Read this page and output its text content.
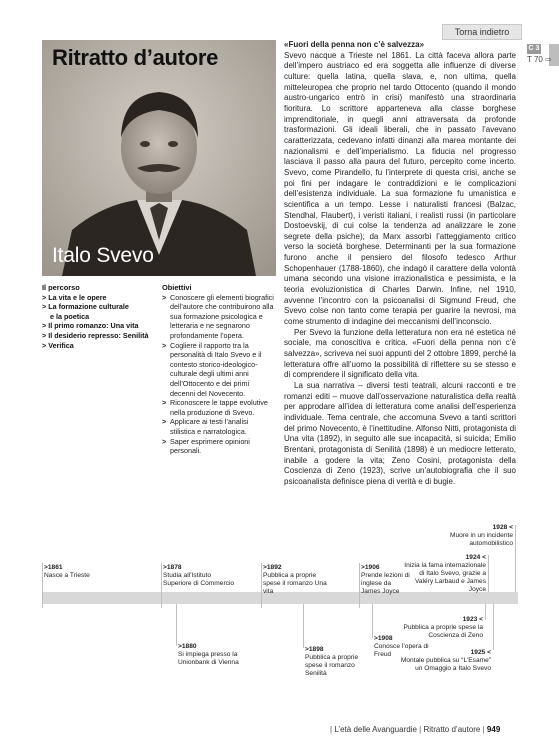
Torna indietro
C 3
T 70 ⇨
Ritratto d’autore
Italo Svevo
Il percorso
> La vita e le opere
> La formazione culturale
e la poetica
> Il primo romanzo: Una vita
> Il desiderio represso: Senilità
> Verifica
Obiettivi
> Conoscere gli elementi biografici dell’autore che contribuirono alla sua formazione psicologica e letteraria e ne segnarono profondamente l’opera.
> Cogliere il rapporto tra la personalità di Italo Svevo e il contesto storico-ideologico-culturale degli ultimi anni dell’Ottocento e dei primi decenni del Novecento.
> Riconoscere le tappe evolutive nella produzione di Svevo.
> Applicare ai testi l’analisi stilistica e narratologica.
> Saper esprimere opinioni personali.

«Fuori della penna non c’è salvezza»

Svevo nacque a Trieste nel 1861. La città faceva allora parte dell’impero austriaco ed era soggetta alle influenze di diverse culture: quella latina, quella slava, e, non ultima, quella mitteleuropea che proprio nel tardo Ottocento (quando il mondo austro-ungarico entrò in crisi) manifestò una straordinaria fioritura. Lo scrittore apparteneva alla classe borghese imprenditoriale, in quegli anni attraversata da profonde trasformazioni. Gli ideali liberali, che in passato l’avevano caratterizzata, cedevano infatti dinanzi alla marea montante dei nazionalismi e dell’imperialismo. La fiducia nel progresso lasciava il passo alla paura del futuro, percepito come incerto. Svevo, come Pirandello, fu l’interprete di questa crisi, anche se poi fini per indagare le contraddizioni e le complicazioni dell’esistenza individuale. La sua formazione fu umanistica e scientifica a un tempo. Lesse i naturalisti francesi (Balzac, Stendhal, Flaubert), i veristi italiani, i realisti russi (in particolare Dostoevskij, di cui colse la tendenza ad analizzare le zone segrete della psiche); da Marx assorbì l’atteggiamento critico verso la società borghese. Determinanti per la sua formazione furono anche il pensiero del filosofo tedesco Arthur Schopenhauer (1788-1860), che indagò il carattere della volontà umana secondo una visione irrazionalistica e pessimista, e la teoria evoluzionistica di Charles Darwin. Infine, nel 1910, avvenne l’incontro con la psicoanalisi di Sigmund Freud, che Svevo colse non tanto come terapia per guarire la nevrosi, ma come strumento di indagine dei meccanismi dell’inconscio.

Per Svevo la funzione della letteratura non era né estetica né sociale, ma conoscitiva e critica. «Fuori della penna non c’è salvezza», scriveva nei suoi appunti del 2 ottobre 1899, perché la letteratura offre all’uomo la possibilità di riflettere su se stesso e di comprendere il significato della vita.

La sua narrativa – diversi testi teatrali, alcuni racconti e tre romanzi editi – muove dall’osservazione naturalistica della realtà per approdare all’idea di letteratura come analisi dell’esperienza individuale. Tema centrale, che accomuna Svevo a tanti scrittori del primo Novecento, è l’inettitudine. Alfonso Nitti, protagonista di Una vita (1892), in seguito alle sue incapacità, si suicida; Emilio Brentani, protagonista di Senilità (1898) è un mediocre letterato, inabile a godere la vita; Zeno Cosini, protagonista della Coscienza di Zeno (1923), scrive un’autobiografia che il suo psicoanalista definisce piena di verità e di bugie.

>1861
Nasce a Trieste
>1878
Studia all’Istituto Superiore di Commercio
>1880
Si impiega presso la Unionbank di Vienna
>1892
Pubblica a proprie spese il romanzo Una vita
>1898
Pubblica a proprie spese il romanzo Senilità
>1906
Prende lezioni di inglese da James Joyce
>1908
Conosce l’opera di Freud
1923 <
Pubblica a proprie spese la Coscienza di Zeno
1924 <
Inizia la fama internazionale di Italo Svevo, grazie a Valéry Larbaud e James Joyce
1925 <
Montale pubblica su “L’Esame” un Omaggio a Italo Svevo
1928 <
Muore in un incidente automobilistico
| L’età delle Avanguardie | Ritratto d’autore | 949
